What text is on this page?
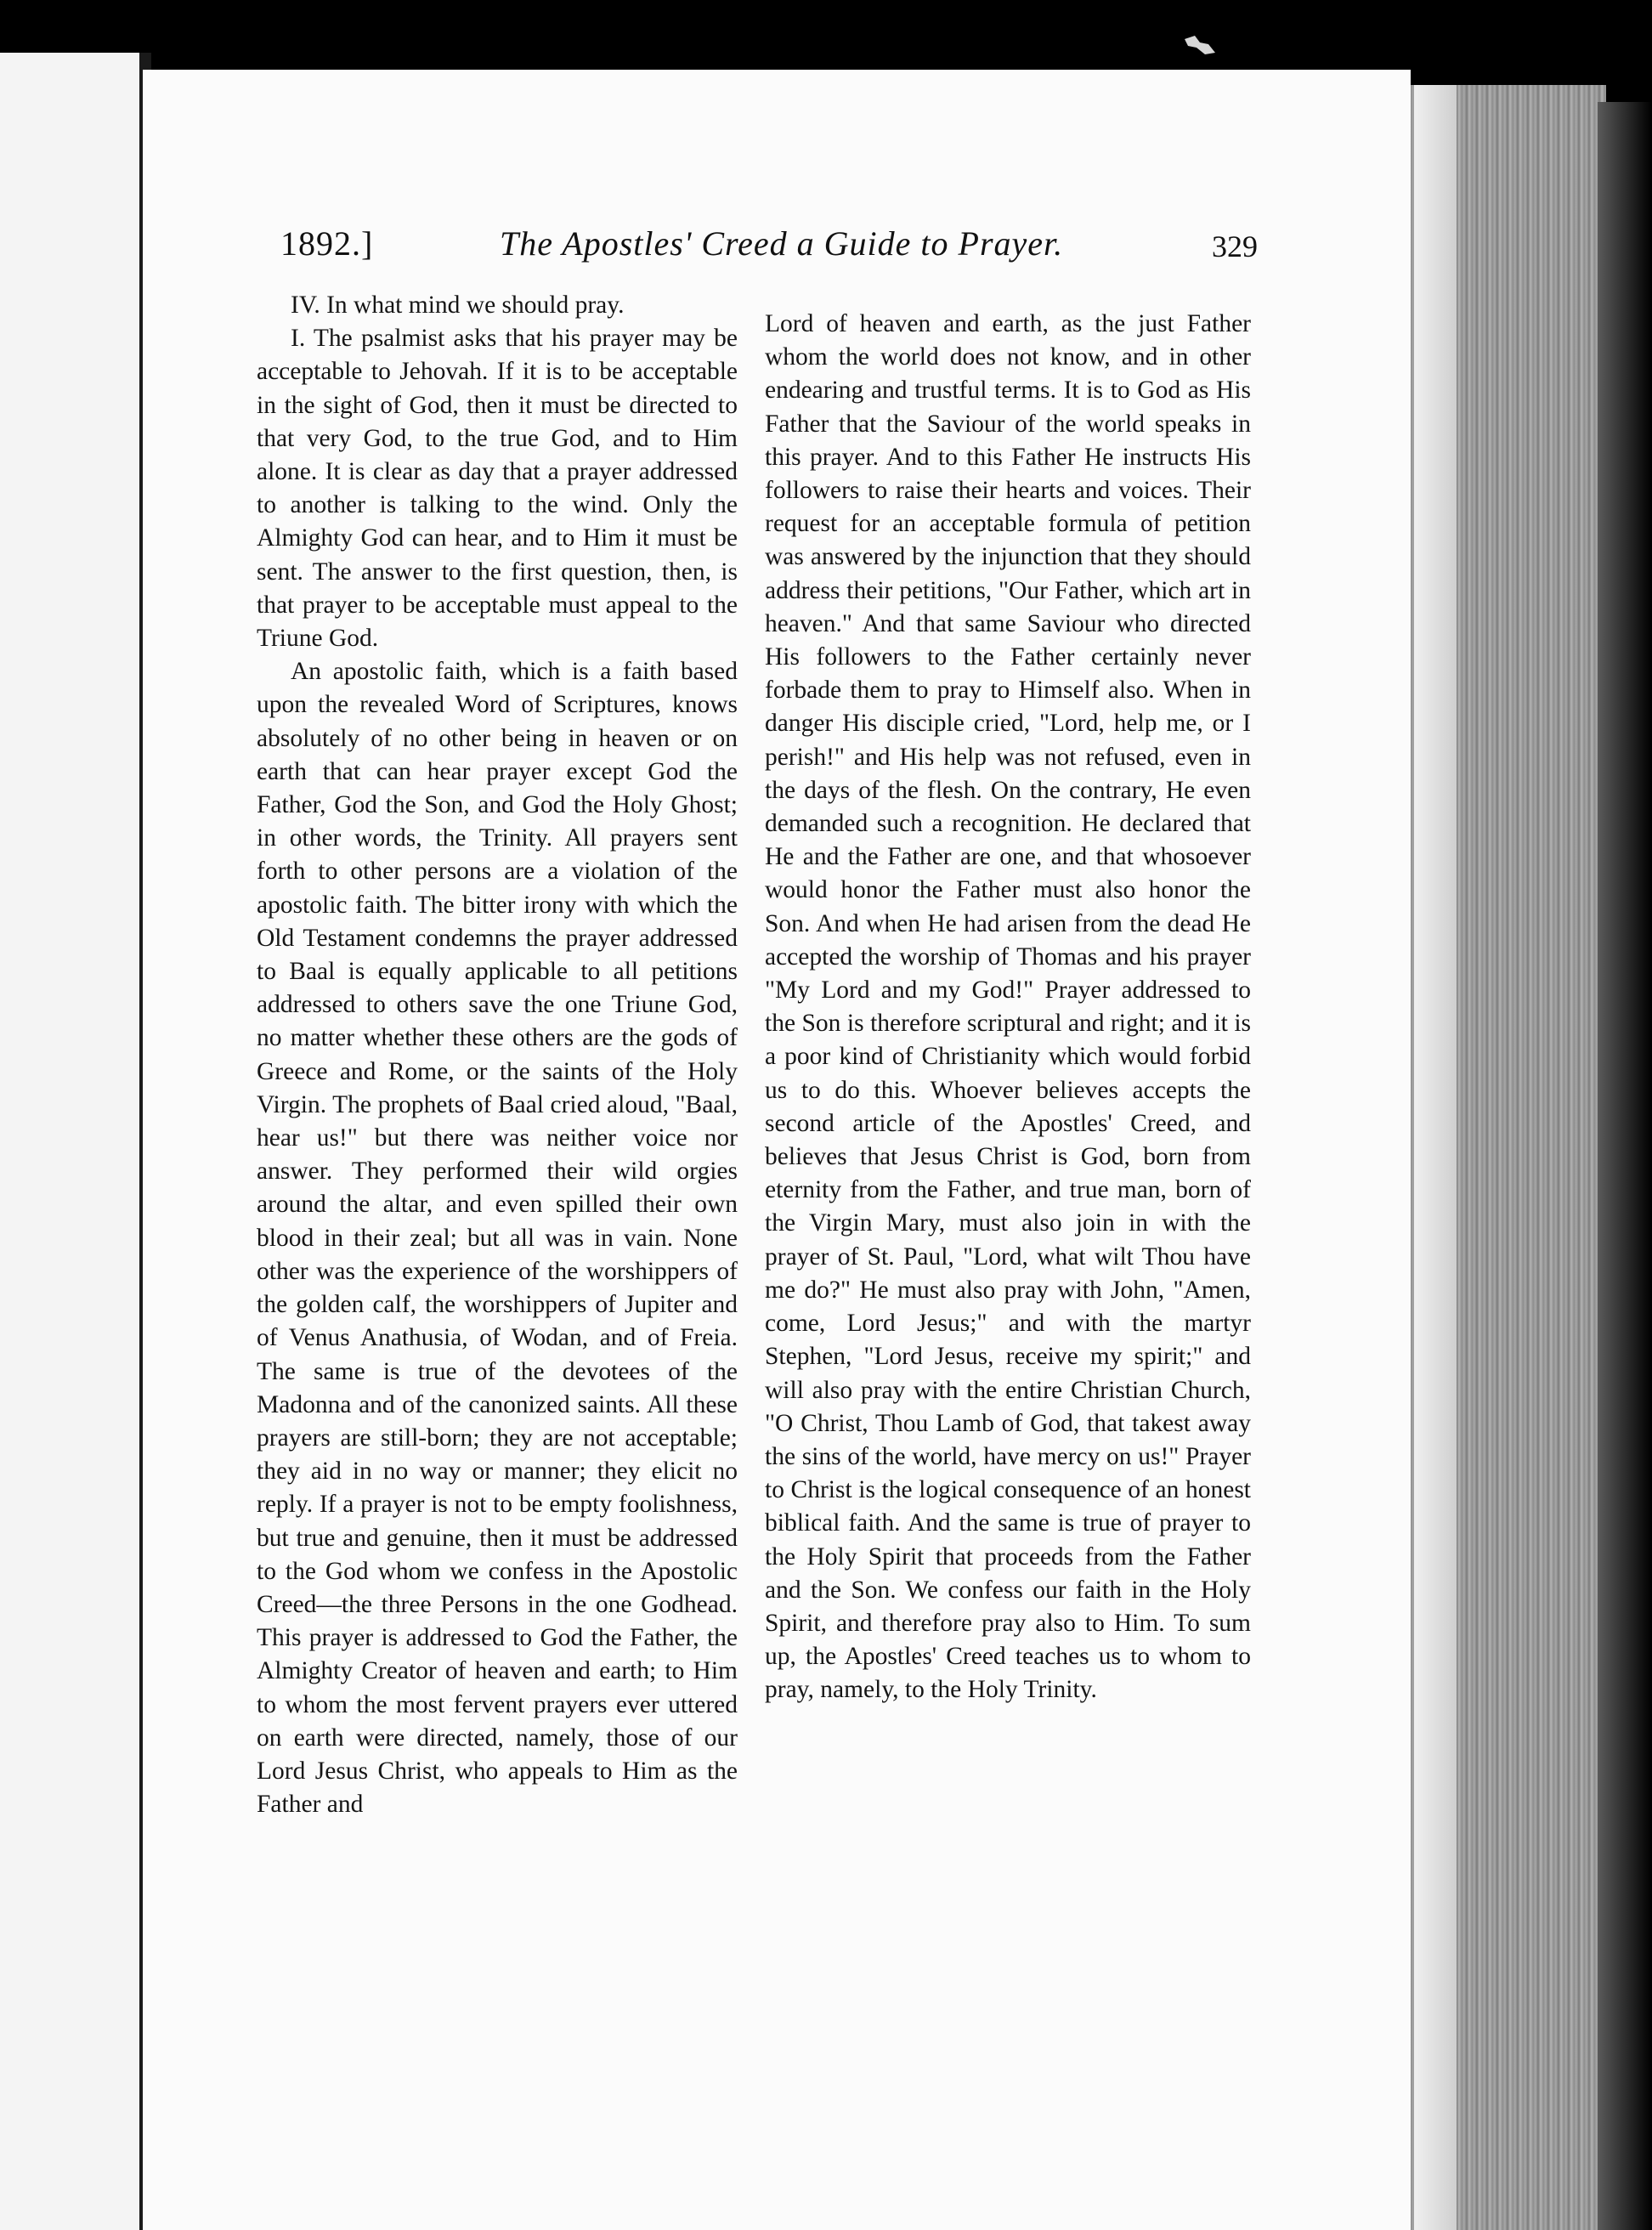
1892.]	The Apostles' Creed a Guide to Prayer.	329

IV. In what mind we should pray.

I. The psalmist asks that his prayer may be acceptable to Jehovah. If it is to be acceptable in the sight of God, then it must be directed to that very God, to the true God, and to Him alone. It is clear as day that a prayer addressed to another is talking to the wind. Only the Almighty God can hear, and to Him it must be sent. The answer to the first question, then, is that prayer to be acceptable must appeal to the Triune God.

An apostolic faith, which is a faith based upon the revealed Word of Scriptures, knows absolutely of no other being in heaven or on earth that can hear prayer except God the Father, God the Son, and God the Holy Ghost; in other words, the Trinity. All prayers sent forth to other persons are a violation of the apostolic faith. The bitter irony with which the Old Testament condemns the prayer addressed to Baal is equally applicable to all petitions addressed to others save the one Triune God, no matter whether these others are the gods of Greece and Rome, or the saints of the Holy Virgin. The prophets of Baal cried aloud, "Baal, hear us!" but there was neither voice nor answer. They performed their wild orgies around the altar, and even spilled their own blood in their zeal; but all was in vain. None other was the experience of the worshippers of the golden calf, the worshippers of Jupiter and of Venus Anathusia, of Wodan, and of Freia. The same is true of the devotees of the Madonna and of the canonized saints. All these prayers are still-born; they are not acceptable; they aid in no way or manner; they elicit no reply. If a prayer is not to be empty foolishness, but true and genuine, then it must be addressed to the God whom we confess in the Apostolic Creed—the three Persons in the one Godhead. This prayer is addressed to God the Father, the Almighty Creator of heaven and earth; to Him to whom the most fervent prayers ever uttered on earth were directed, namely, those of our Lord Jesus Christ, who appeals to Him as the Father and

Lord of heaven and earth, as the just Father whom the world does not know, and in other endearing and trustful terms. It is to God as His Father that the Saviour of the world speaks in this prayer. And to this Father He instructs His followers to raise their hearts and voices. Their request for an acceptable formula of petition was answered by the injunction that they should address their petitions, "Our Father, which art in heaven." And that same Saviour who directed His followers to the Father certainly never forbade them to pray to Himself also. When in danger His disciple cried, "Lord, help me, or I perish!" and His help was not refused, even in the days of the flesh. On the contrary, He even demanded such a recognition. He declared that He and the Father are one, and that whosoever would honor the Father must also honor the Son. And when He had arisen from the dead He accepted the worship of Thomas and his prayer "My Lord and my God!" Prayer addressed to the Son is therefore scriptural and right; and it is a poor kind of Christianity which would forbid us to do this. Whoever believes accepts the second article of the Apostles' Creed, and believes that Jesus Christ is God, born from eternity from the Father, and true man, born of the Virgin Mary, must also join in with the prayer of St. Paul, "Lord, what wilt Thou have me do?" He must also pray with John, "Amen, come, Lord Jesus;" and with the martyr Stephen, "Lord Jesus, receive my spirit;" and will also pray with the entire Christian Church, "O Christ, Thou Lamb of God, that takest away the sins of the world, have mercy on us!" Prayer to Christ is the logical consequence of an honest biblical faith. And the same is true of prayer to the Holy Spirit that proceeds from the Father and the Son. We confess our faith in the Holy Spirit, and therefore pray also to Him. To sum up, the Apostles' Creed teaches us to whom to pray, namely, to the Holy Trinity.
